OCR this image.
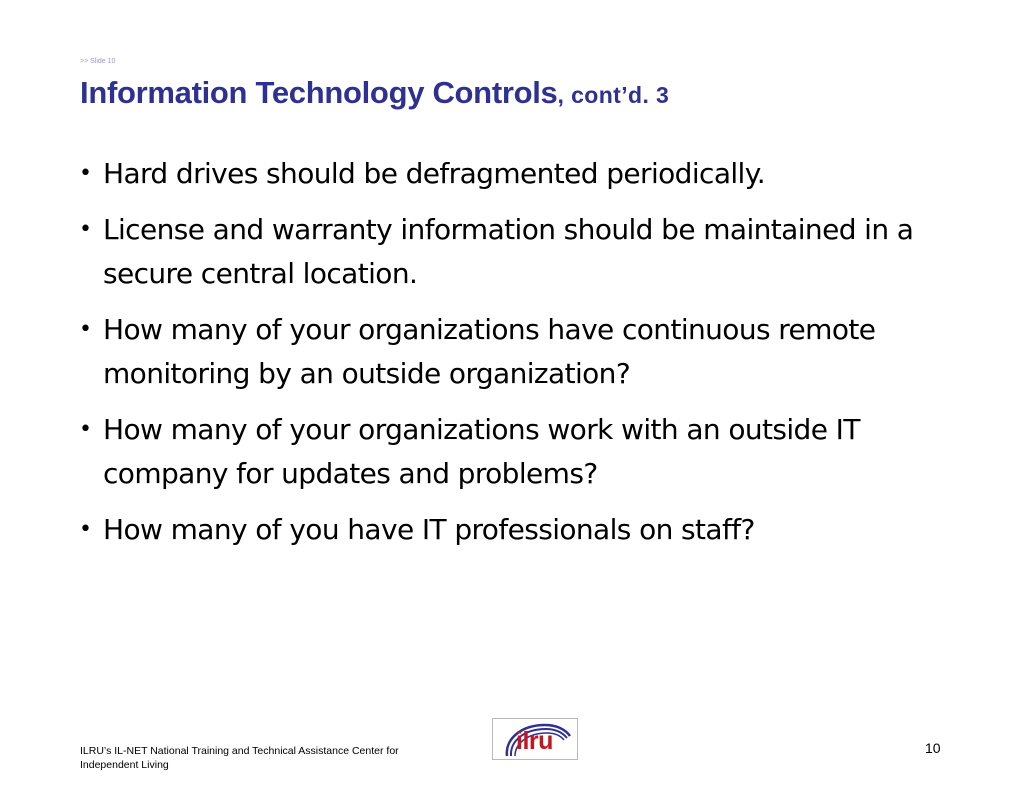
>> Slide 10
Information Technology Controls, cont’d. 3
• Hard drives should be defragmented periodically.
• License and warranty information should be maintained in a secure central location.
• How many of your organizations have continuous remote monitoring by an outside organization?
• How many of your organizations work with an outside IT company for updates and problems?
• How many of you have IT professionals on staff?
ILRU’s IL-NET National Training and Technical Assistance Center for
Independent Living
ilru	10
